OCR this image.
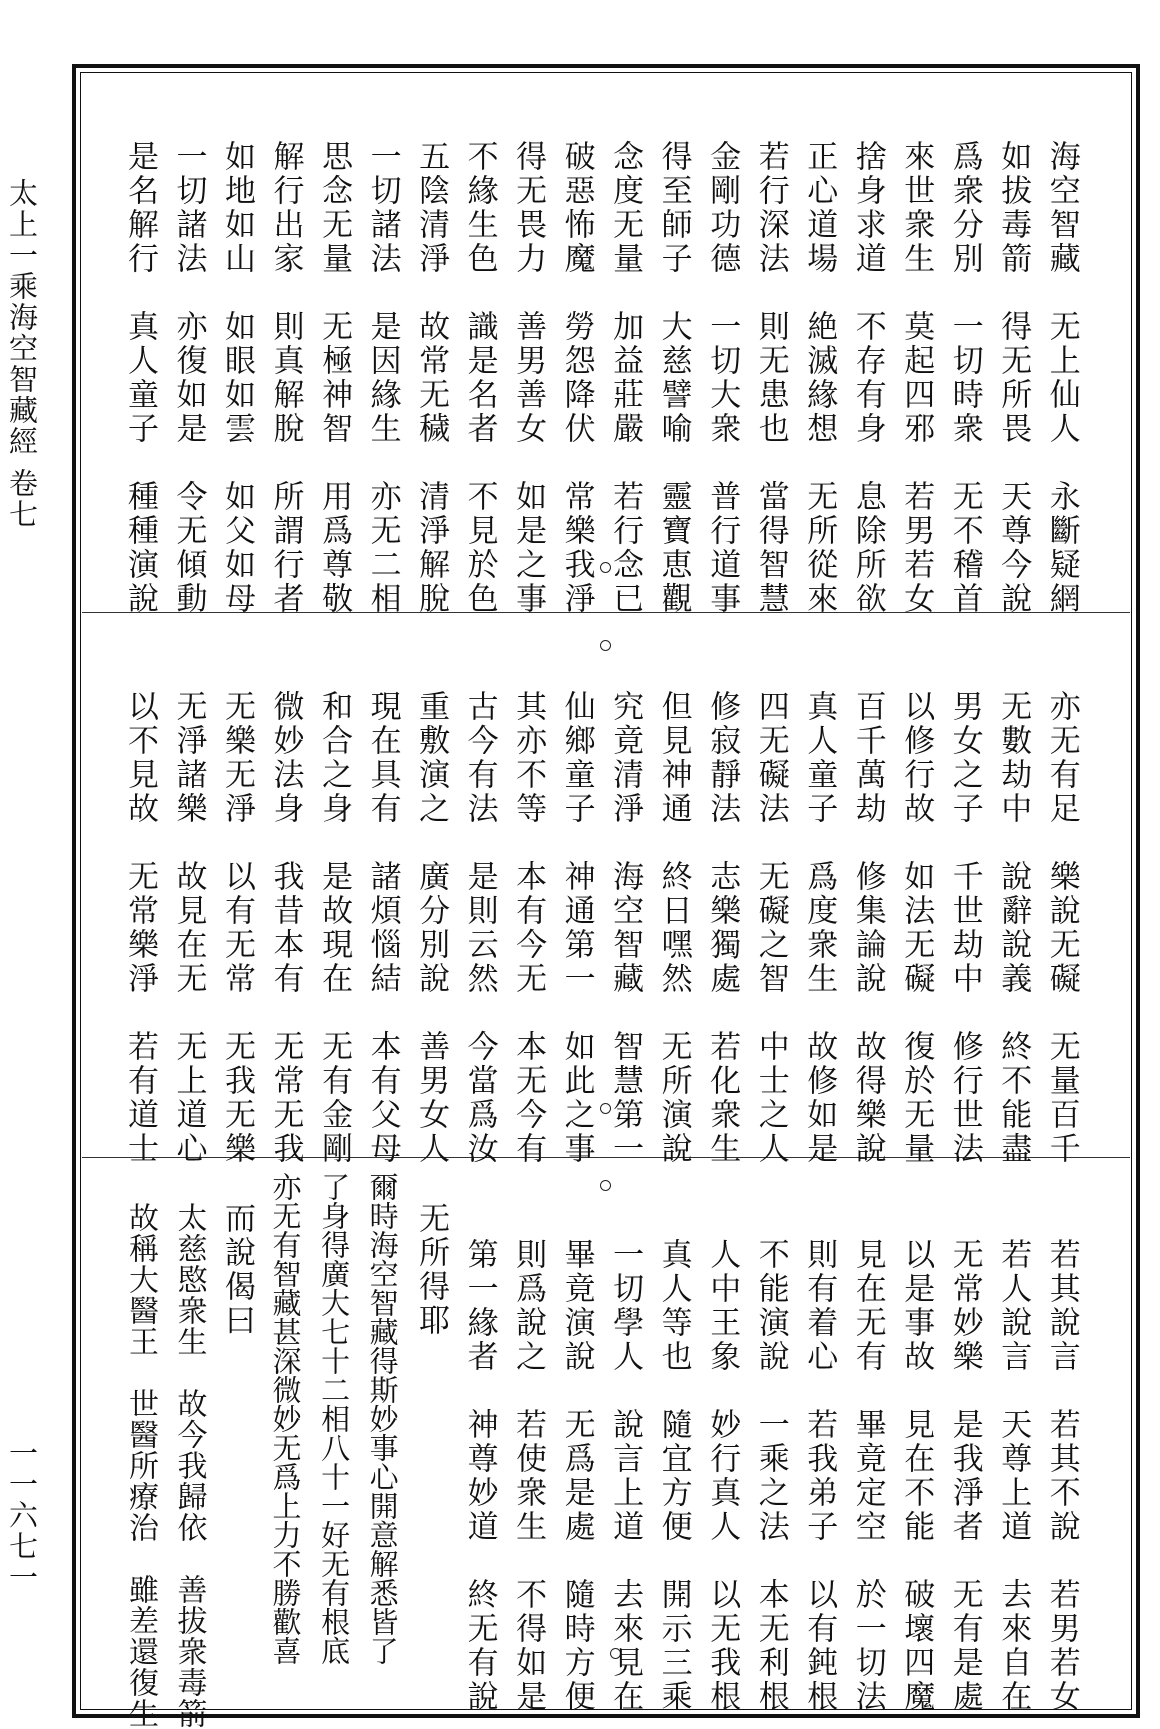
太上一乘海空智藏經 卷七
一一六七一
海空智藏　无上仙人　永斷疑網
如拔毒箭　得无所畏　天尊今說
爲衆分別　一切時衆　无不稽首
來世衆生　莫起四邪　若男若女
捨身求道　不存有身　息除所欲
正心道場　絶滅緣想　无所從來
若行深法　則无患也　當得智慧
金剛功德　一切大衆　普行道事
得至師子　大慈譬喻　靈寶恵觀
念度无量　加益莊嚴　若行念已
破惡怖魔　勞怨降伏　常樂我淨
得无畏力　善男善女　如是之事
不緣生色　識是名者　不見於色
五陰清淨　故常无穢　清淨解脫
一切諸法　是因緣生　亦无二相
思念无量　无極神智　用爲尊敬
解行出家　則真解脫　所謂行者
如地如山　如眼如雲　如父如母
一切諸法　亦復如是　令无傾動
是名解行　真人童子　種種演說
亦无有足　樂說无礙　无量百千
无數劫中　說辭說義　終不能盡
男女之子　千世劫中　修行世法
以修行故　如法无礙　復於无量
百千萬劫　修集論說　故得樂說
真人童子　爲度衆生　故修如是
四无礙法　无礙之智　中士之人
修寂靜法　志樂獨處　若化衆生
但見神通　終日嘿然　无所演說
究竟清淨　海空智藏　智慧第一
仙鄉童子　神通第一　如此之事
其亦不等　本有今无　本无今有
古今有法　是則云然　今當爲汝
重敷演之　廣分別說　善男女人
現在具有　諸煩惱結　本有父母
和合之身　是故現在　无有金剛
微妙法身　我昔本有　无常无我
无樂无淨　以有无常　无我无樂
无淨諸樂　故見在无　无上道心
以不見故　无常樂淨　若有道士
若其說言　若其不說　若男若女
若人說言　天尊上道　去來自在
无常妙樂　是我淨者　无有是處
以是事故　見在不能　破壞四魔
見在无有　畢竟定空　於一切法
則有着心　若我弟子　以有鈍根
不能演說　一乘之法　本无利根
人中王象　妙行真人　以无我根
真人等也　隨宜方便　開示三乘
一切學人　說言上道　去來見在
畢竟演說　无爲是處　隨時方便
則爲說之　若使衆生　不得如是
第一緣者　神尊妙道　終无有說
无所得耶
爾時海空智藏得斯妙事心開意解悉皆了
了身得廣大七十二相八十一好无有根底
亦无有智藏甚深微妙无爲上力不勝歡喜
而說偈曰
太慈愍衆生　故今我歸依　善拔衆毒箭
故稱大醫王　世醫所療治　雖差還復生
